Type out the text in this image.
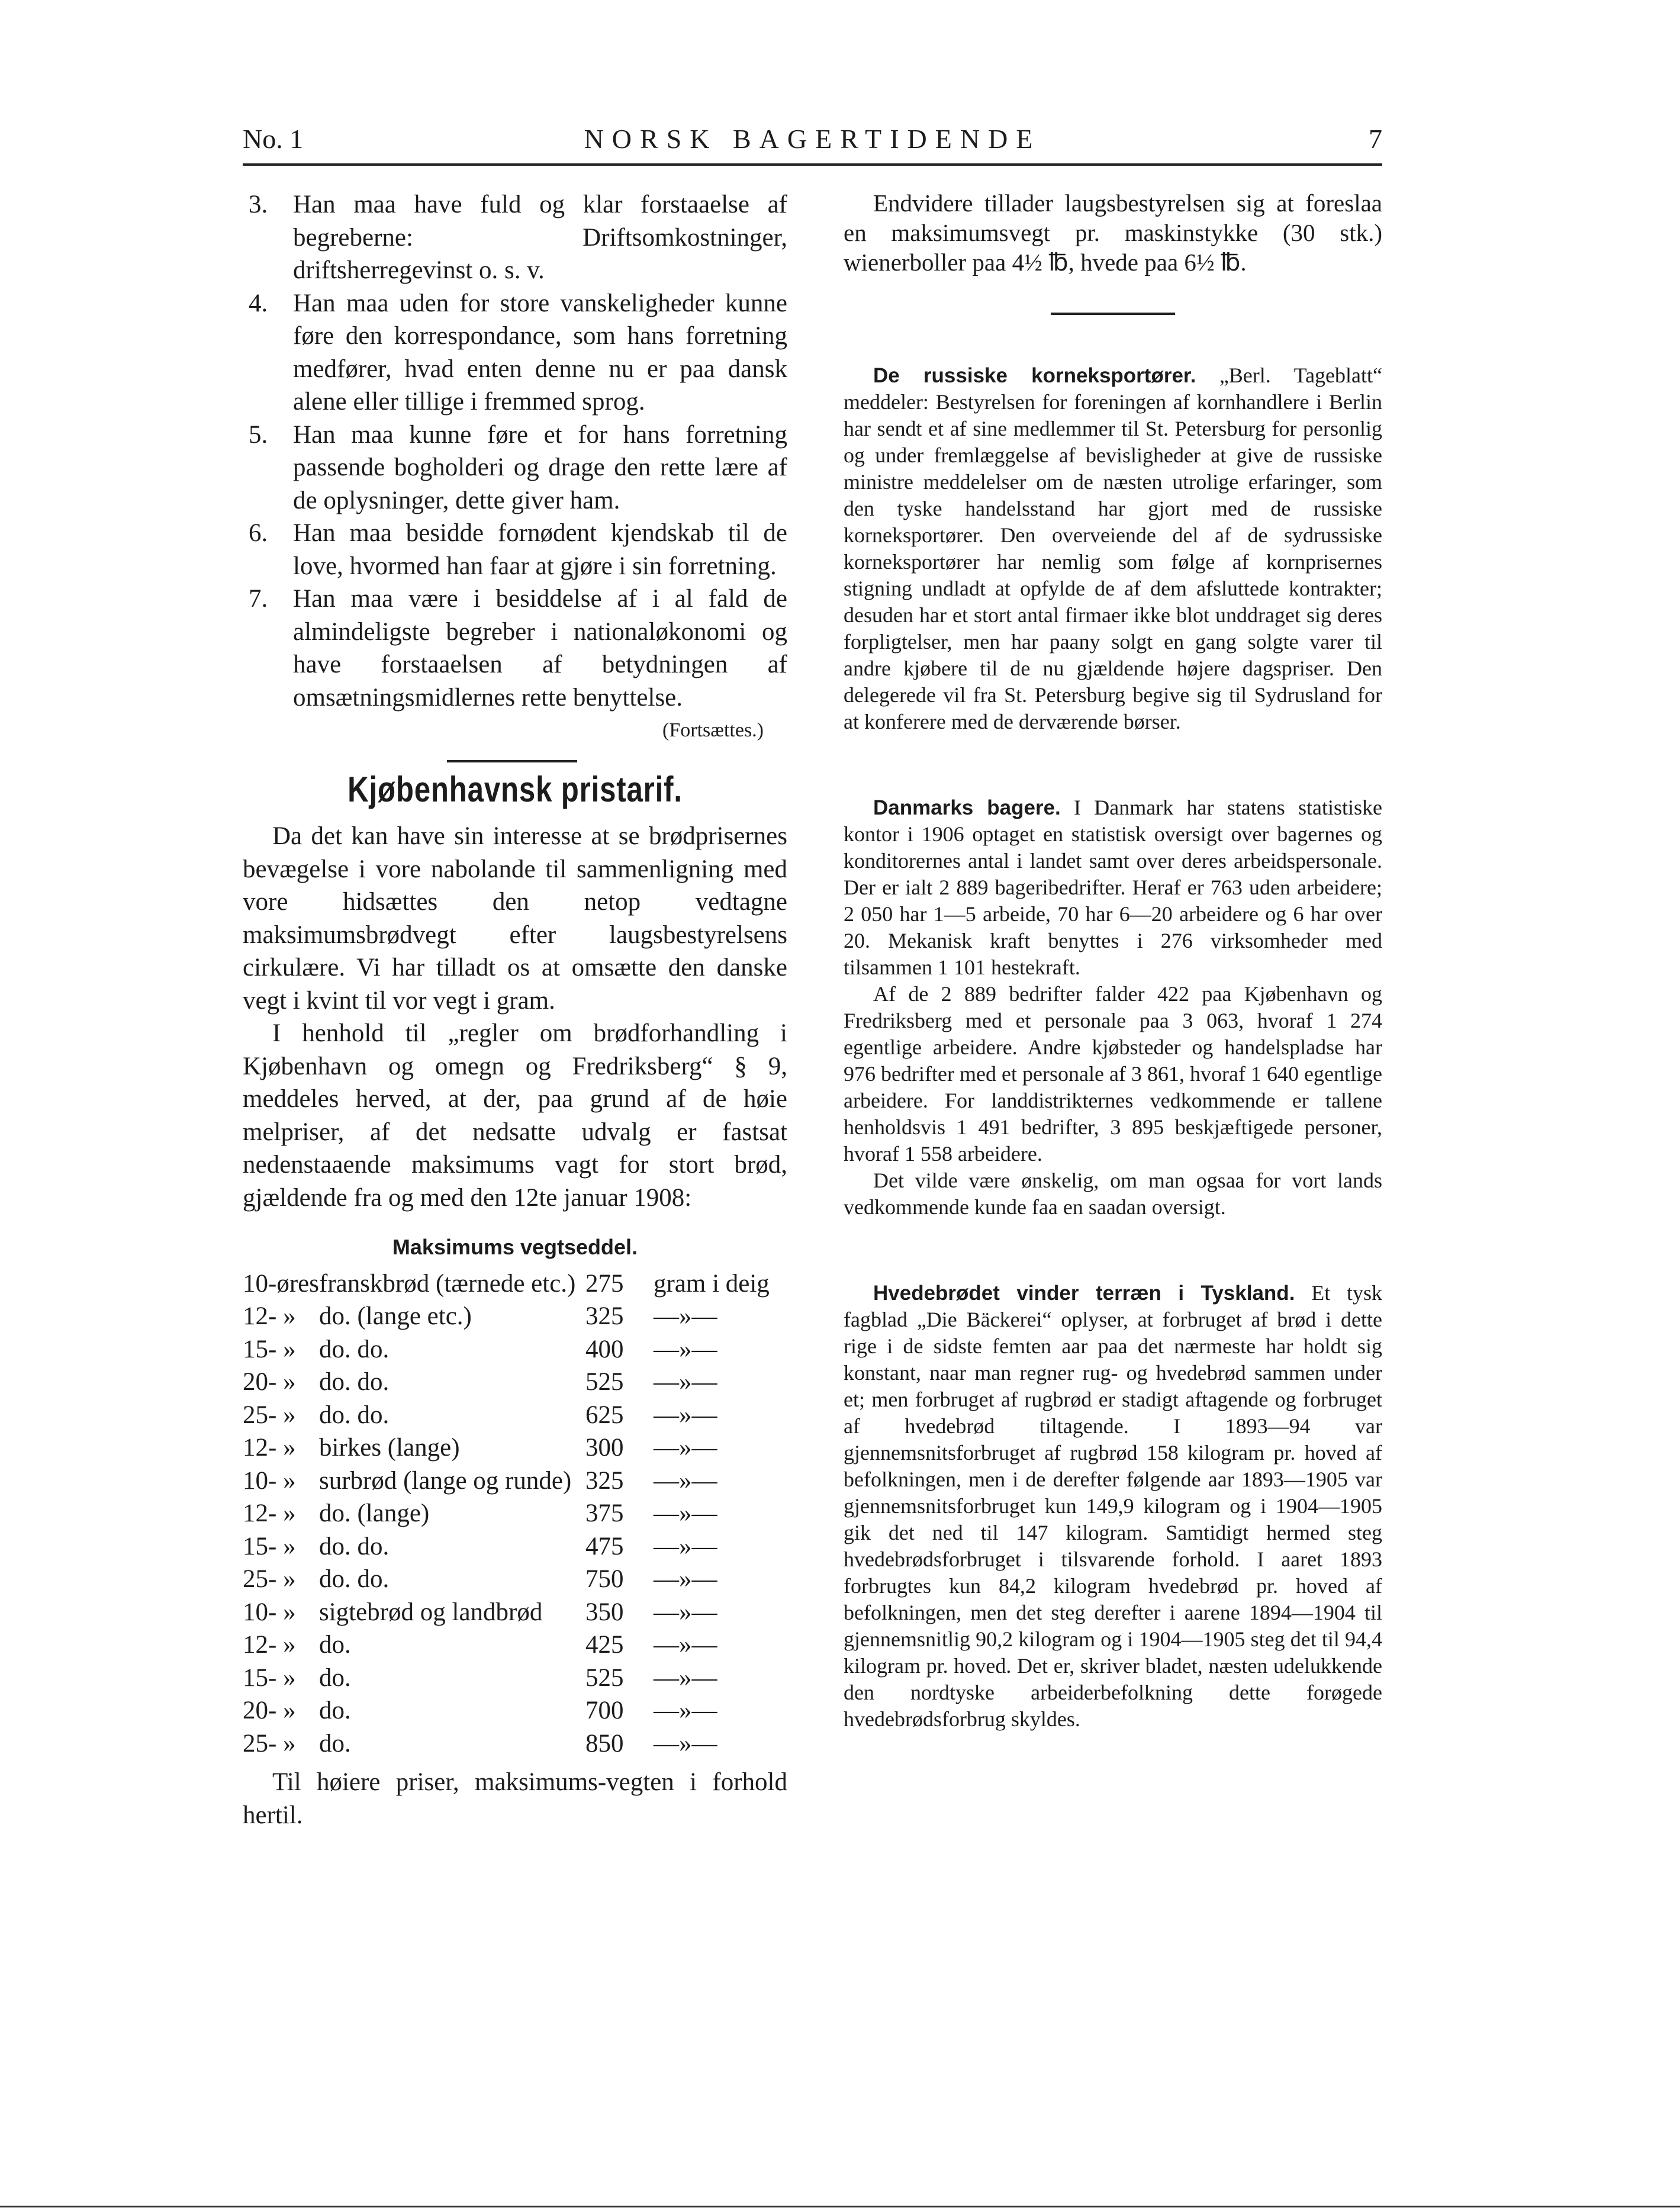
No. 1	NORSK BAGERTIDENDE	7
3. Han maa have fuld og klar forstaaelse af begreberne: Driftsomkostninger, driftsherregevinst o. s. v.
4. Han maa uden for store vanskeligheder kunne føre den korrespondance, som hans forretning medfører, hvad enten denne nu er paa dansk alene eller tillige i fremmed sprog.
5. Han maa kunne føre et for hans forretning passende bogholderi og drage den rette lære af de oplysninger, dette giver ham.
6. Han maa besidde fornødent kjendskab til de love, hvormed han faar at gjøre i sin forretning.
7. Han maa være i besiddelse af i al fald de almindeligste begreber i nationaløkonomi og have forstaaelsen af betydningen af omsætningsmidlernes rette benyttelse.
(Fortsættes.)
Kjøbenhavnsk pristarif.

Da det kan have sin interesse at se brødprisernes bevægelse i vore nabolande til sammenligning med vore hidsættes den netop vedtagne maksimumsbrødvegt efter laugsbestyrelsens cirkulære. Vi har tilladt os at omsætte den danske vegt i kvint til vor vegt i gram.

I henhold til „regler om brødforhandling i Kjøbenhavn og omegn og Fredriksberg“ § 9, meddeles herved, at der, paa grund af de høie melpriser, af det nedsatte udvalg er fastsat nedenstaaende maksimums vagt for stort brød, gjældende fra og med den 12te januar 1908:

Maksimums vegtseddel.
10-øres	franskbrød (tærnede etc.)	275	gram i deig
12- »	do. (lange etc.)	325	—»—
15- »	do. do.	400	—»—
20- »	do. do.	525	—»—
25- »	do. do.	625	—»—
12- »	birkes (lange)	300	—»—
10- »	surbrød (lange og runde)	325	—»—
12- »	do. (lange)	375	—»—
15- »	do. do.	475	—»—
25- »	do. do.	750	—»—
10- »	sigtebrød og landbrød	350	—»—
12- »	do.	425	—»—
15- »	do.	525	—»—
20- »	do.	700	—»—
25- »	do.	850	—»—

Til høiere priser, maksimums-vegten i forhold hertil.

Endvidere tillader laugsbestyrelsen sig at foreslaa en maksimumsvegt pr. maskinstykke (30 stk.) wienerboller paa 4½ ℔, hvede paa 6½ ℔.

De russiske korneksportører. „Berl. Tageblatt“ meddeler: Bestyrelsen for foreningen af kornhandlere i Berlin har sendt et af sine medlemmer til St. Petersburg for personlig og under fremlæggelse af bevisligheder at give de russiske ministre meddelelser om de næsten utrolige erfaringer, som den tyske handelsstand har gjort med de russiske korneksportører. Den overveiende del af de sydrussiske korneksportører har nemlig som følge af kornprisernes stigning undladt at opfylde de af dem afsluttede kontrakter; desuden har et stort antal firmaer ikke blot unddraget sig deres forpligtelser, men har paany solgt en gang solgte varer til andre kjøbere til de nu gjældende højere dagspriser. Den delegerede vil fra St. Petersburg begive sig til Sydrusland for at konferere med de derværende børser.

Danmarks bagere. I Danmark har statens statistiske kontor i 1906 optaget en statistisk oversigt over bagernes og konditorernes antal i landet samt over deres arbeidspersonale. Der er ialt 2 889 bageribedrifter. Heraf er 763 uden arbeidere; 2 050 har 1—5 arbeide, 70 har 6—20 arbeidere og 6 har over 20. Mekanisk kraft benyttes i 276 virksomheder med tilsammen 1 101 hestekraft.

Af de 2 889 bedrifter falder 422 paa Kjøbenhavn og Fredriksberg med et personale paa 3 063, hvoraf 1 274 egentlige arbeidere. Andre kjøbsteder og handelspladse har 976 bedrifter med et personale af 3 861, hvoraf 1 640 egentlige arbeidere. For landdistrikternes vedkommende er tallene henholdsvis 1 491 bedrifter, 3 895 beskjæftigede personer, hvoraf 1 558 arbeidere.

Det vilde være ønskelig, om man ogsaa for vort lands vedkommende kunde faa en saadan oversigt.

Hvedebrødet vinder terræn i Tyskland. Et tysk fagblad „Die Bäckerei“ oplyser, at forbruget af brød i dette rige i de sidste femten aar paa det nærmeste har holdt sig konstant, naar man regner rug- og hvedebrød sammen under et; men forbruget af rugbrød er stadigt aftagende og forbruget af hvedebrød tiltagende. I 1893—94 var gjennemsnitsforbruget af rugbrød 158 kilogram pr. hoved af befolkningen, men i de derefter følgende aar 1893—1905 var gjennemsnitsforbruget kun 149,9 kilogram og i 1904—1905 gik det ned til 147 kilogram. Samtidigt hermed steg hvedebrødsforbruget i tilsvarende forhold. I aaret 1893 forbrugtes kun 84,2 kilogram hvedebrød pr. hoved af befolkningen, men det steg derefter i aarene 1894—1904 til gjennemsnitlig 90,2 kilogram og i 1904—1905 steg det til 94,4 kilogram pr. hoved. Det er, skriver bladet, næsten udelukkende den nordtyske arbeiderbefolkning dette forøgede hvedebrødsforbrug skyldes.
